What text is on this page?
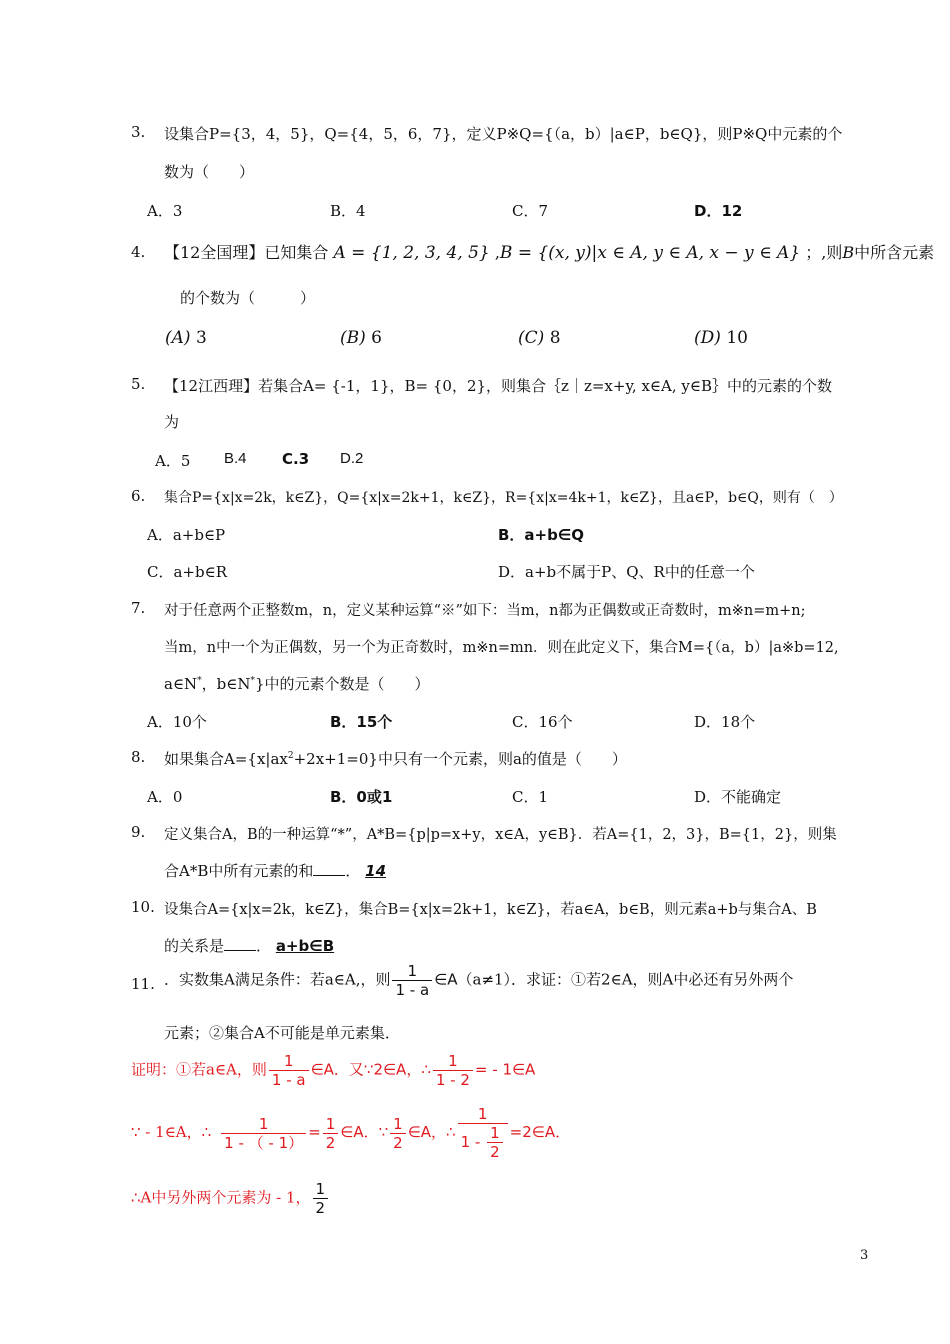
3. 设集合P={3，4，5}，Q={4，5，6，7}，定义P※Q={（a，b）|a∈P，b∈Q}，则P※Q中元素的个
数为（　　）
A．3	B．4	C．7	D．12
4. 【12全国理】已知集合 A = {1, 2, 3, 4, 5} ,B = {(x, y)|x ∈ A, y ∈ A, x − y ∈ A} ；,则B中所含元素
的个数为（　　　）
(A) 3	(B) 6	(C) 8	(D) 10
5. 【12江西理】若集合A= {-1，1}，B= {0，2}，则集合｛z｜z=x+y, x∈A, y∈B｝中的元素的个数
为
A．5 B.4 C.3 D.2
6. 集合P={x|x=2k，k∈Z}，Q={x|x=2k+1，k∈Z}，R={x|x=4k+1，k∈Z}，且a∈P，b∈Q，则有（　）
A．a+b∈P	B．a+b∈Q
C．a+b∈R	D．a+b不属于P、Q、R中的任意一个
7. 对于任意两个正整数m，n，定义某种运算“※”如下：当m，n都为正偶数或正奇数时，m※n=m+n;
当m，n中一个为正偶数，另一个为正奇数时，m※n=mn．则在此定义下，集合M={（a，b）|a※b=12,
a∈N*，b∈N*}中的元素个数是（　　）
A．10个	B．15个	C．16个	D．18个
8. 如果集合$A=\{x|ax^2+2x+1=0\}$中只有一个元素，则a的值是（　　）
A．0	B．0或1	C．1	D．不能确定
9. 定义集合A，B的一种运算“*”，A*B={p|p=x+y，x∈A，y∈B}．若A={1，2，3}，B={1，2}，则集
合A*B中所有元素的和 ． 14
10. 设集合A={x|x=2k，k∈Z}，集合B={x|x=2k+1，k∈Z}，若a∈A，b∈B，则元素a+b与集合A、B
的关系是 ． a+b∈B
11. ．实数集A满足条件：若a∈A,，则 $\frac{1}{1 - a}$ ∈A（a≠1）．求证：①若2∈A，则A中必还有另外两个
元素；②集合A不可能是单元素集．
证明：①若a∈A，则 $\frac{1}{1 - a}$ ∈A．又∵2∈A，∴ $\frac{1}{1 - 2}$ = - 1∈A
∵ - 1∈A，∴ $\frac{1}{1 - ( - 1)} = \frac{1}{2}$ ∈A．∵ $\frac{1}{2}$ ∈A，∴ $\frac{1}{1 - \frac{1}{2}}$ =2∈A．
∴A中另外两个元素为 - 1， $\frac{1}{2}$
3
